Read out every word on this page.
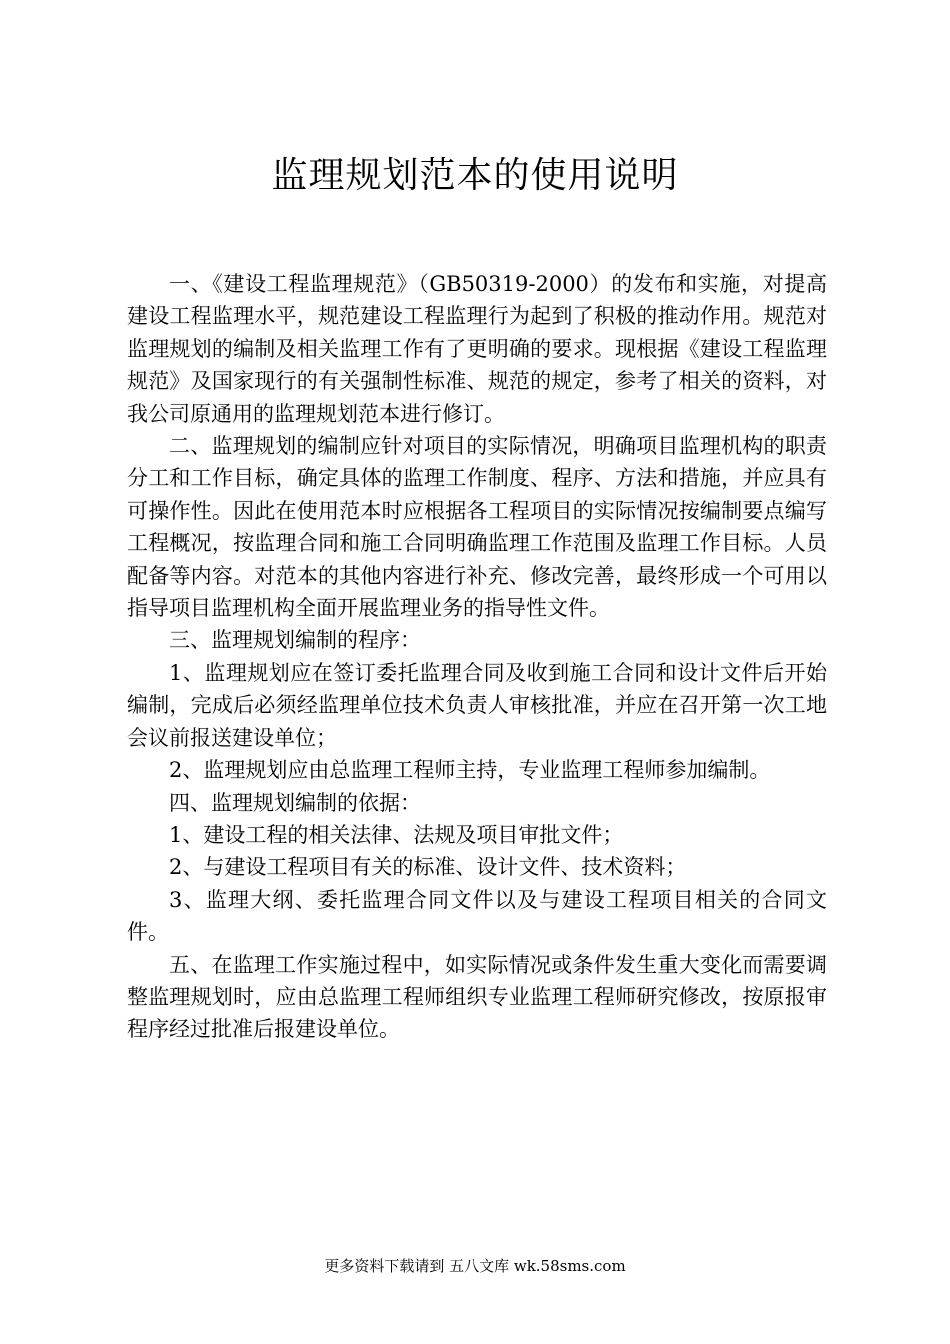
监理规划范本的使用说明

一、《建设工程监理规范》（GB50319-2000）的发布和实施，对提高建设工程监理水平，规范建设工程监理行为起到了积极的推动作用。规范对监理规划的编制及相关监理工作有了更明确的要求。现根据《建设工程监理规范》及国家现行的有关强制性标准、规范的规定，参考了相关的资料，对我公司原通用的监理规划范本进行修订。

二、监理规划的编制应针对项目的实际情况，明确项目监理机构的职责分工和工作目标，确定具体的监理工作制度、程序、方法和措施，并应具有可操作性。因此在使用范本时应根据各工程项目的实际情况按编制要点编写工程概况，按监理合同和施工合同明确监理工作范围及监理工作目标。人员配备等内容。对范本的其他内容进行补充、修改完善，最终形成一个可用以指导项目监理机构全面开展监理业务的指导性文件。

三、监理规划编制的程序：

1、监理规划应在签订委托监理合同及收到施工合同和设计文件后开始编制，完成后必须经监理单位技术负责人审核批准，并应在召开第一次工地会议前报送建设单位；

2、监理规划应由总监理工程师主持，专业监理工程师参加编制。

四、监理规划编制的依据：

1、建设工程的相关法律、法规及项目审批文件；

2、与建设工程项目有关的标准、设计文件、技术资料；

3、监理大纲、委托监理合同文件以及与建设工程项目相关的合同文件。

五、在监理工作实施过程中，如实际情况或条件发生重大变化而需要调整监理规划时，应由总监理工程师组织专业监理工程师研究修改，按原报审程序经过批准后报建设单位。

更多资料下载请到 五八文库 wk.58sms.com
